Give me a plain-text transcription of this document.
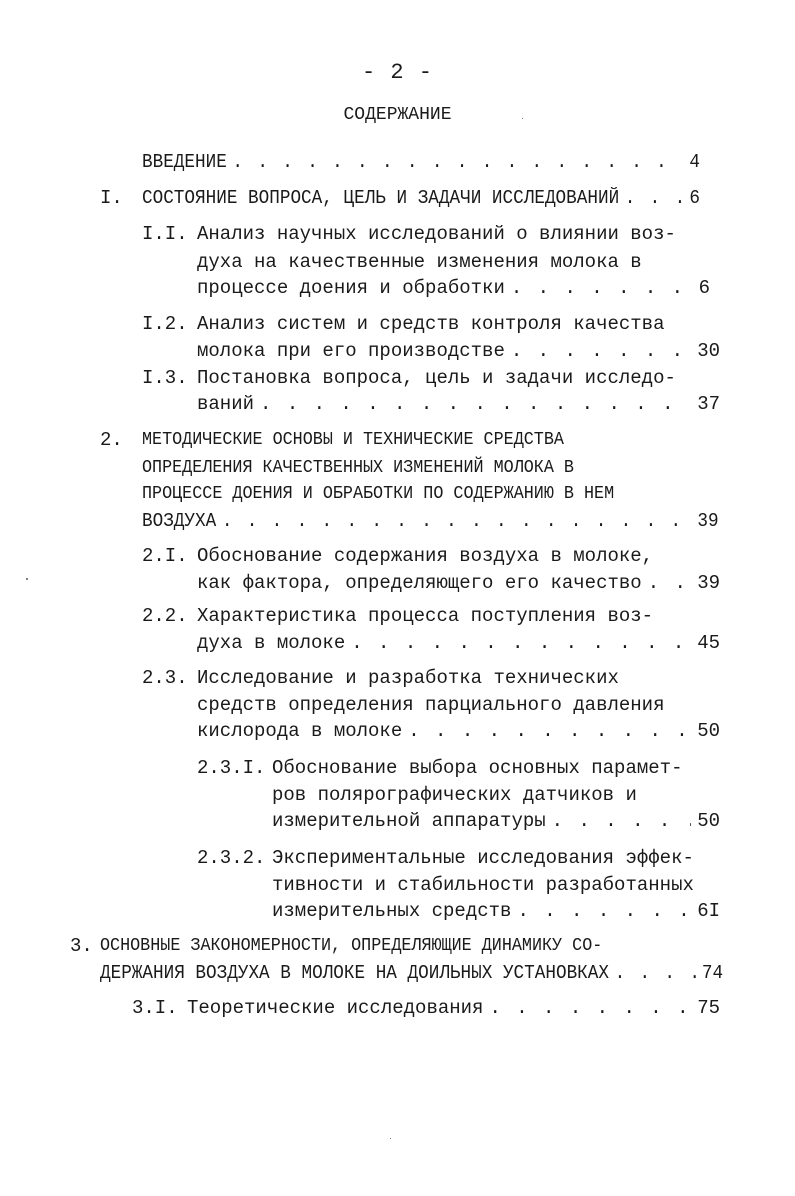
- 2 -
СОДЕРЖАНИЕ
ВВЕДЕНИЕ . . .	4
I. СОСТОЯНИЕ ВОПРОСА, ЦЕЛЬ И ЗАДАЧИ ИССЛЕДОВАНИЙ . . .	6
I.I. Анализ научных исследований о влиянии воз-
духа на качественные изменения молока в
процессе доения и обработки . . .	6
I.2. Анализ систем и средств контроля качества
молока при его производстве . . .	30
I.3. Постановка вопроса, цель и задачи исследо-
ваний . . .	37
2. МЕТОДИЧЕСКИЕ ОСНОВЫ И ТЕХНИЧЕСКИЕ СРЕДСТВА
ОПРЕДЕЛЕНИЯ КАЧЕСТВЕННЫХ ИЗМЕНЕНИЙ МОЛОКА В
ПРОЦЕССЕ ДОЕНИЯ И ОБРАБОТКИ ПО СОДЕРЖАНИЮ В НЕМ
ВОЗДУХА . . .	39
2.I. Обоснование содержания воздуха в молоке,
как фактора, определяющего его качество . . .	39
2.2. Характеристика процесса поступления воз-
духа в молоке . . .	45
2.3. Исследование и разработка технических
средств определения парциального давления
кислорода в молоке . . .	50
2.3.I. Обоснование выбора основных парамет-
ров полярографических датчиков и
измерительной аппаратуры . . .	50
2.3.2. Экспериментальные исследования эффек-
тивности и стабильности разработанных
измерительных средств . . .	6I
3. ОСНОВНЫЕ ЗАКОНОМЕРНОСТИ, ОПРЕДЕЛЯЮЩИЕ ДИНАМИКУ СО-
ДЕРЖАНИЯ ВОЗДУХА В МОЛОКЕ НА ДОИЛЬНЫХ УСТАНОВКАХ . . .	74
3.I. Теоретические исследования . . .	75
